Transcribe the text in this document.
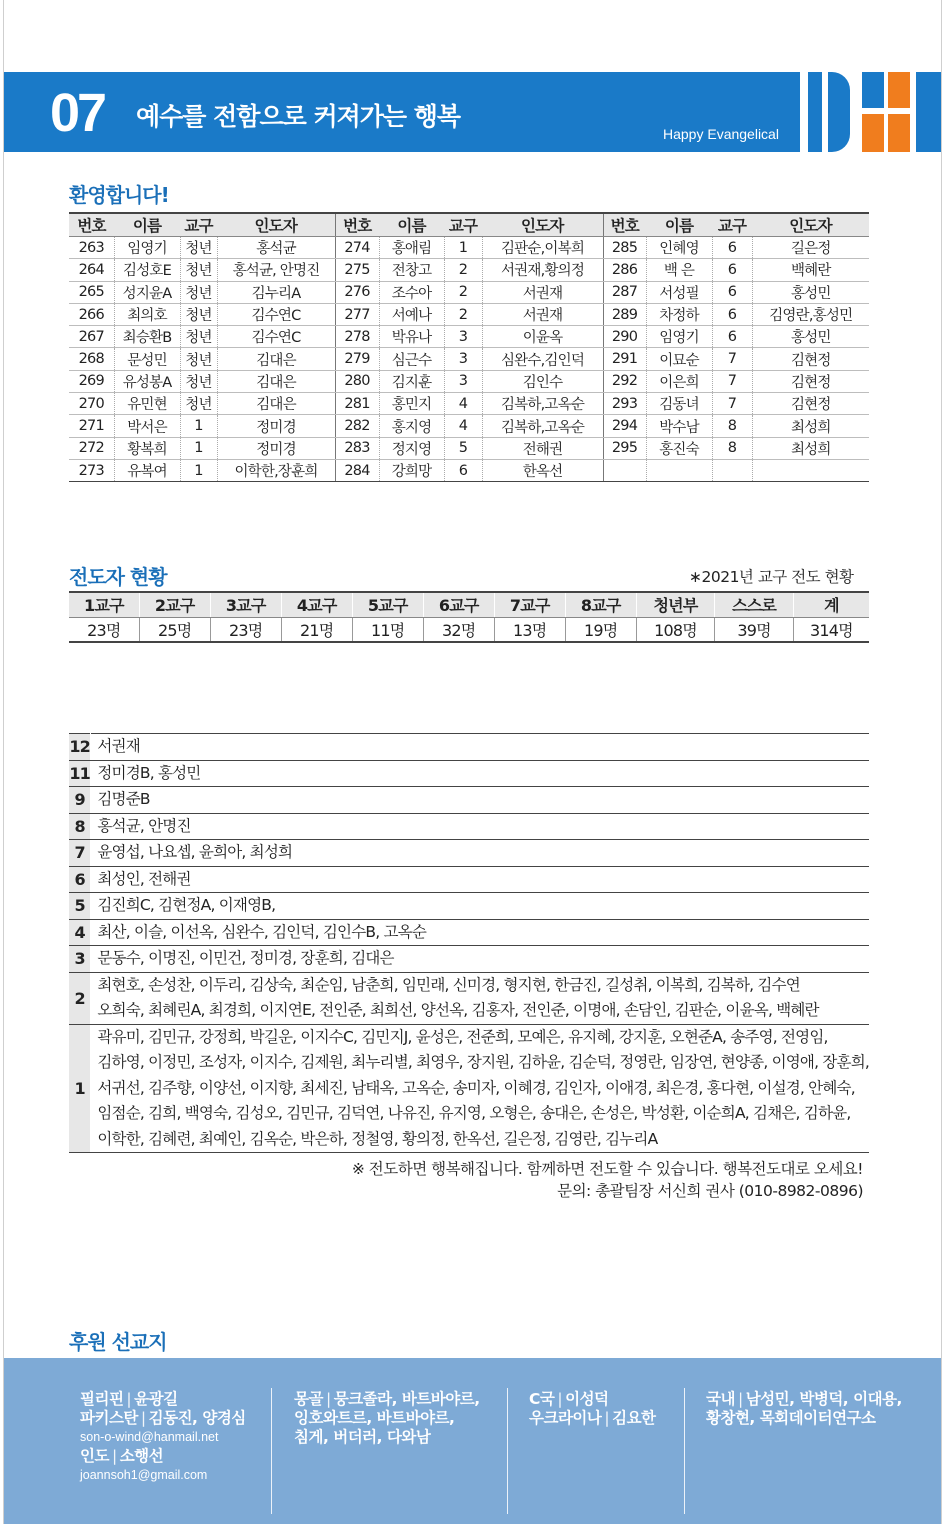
07 예수를 전함으로 커져가는 행복
Happy Evangelical
환영합니다!
번호	이름	교구	인도자	번호	이름	교구	인도자	번호	이름	교구	인도자
263	임영기	청년	홍석균	274	홍애림	1	김판순,이복희	285	인혜영	6	길은정
264	김성호E	청년	홍석균, 안명진	275	전창고	2	서권재,황의정	286	백 은	6	백혜란
265	성지윤A	청년	김누리A	276	조수아	2	서권재	287	서성필	6	홍성민
266	최의호	청년	김수연C	277	서예나	2	서권재	289	차정하	6	김영란,홍성민
267	최승환B	청년	김수연C	278	박유나	3	이윤옥	290	임영기	6	홍성민
268	문성민	청년	김대은	279	심근수	3	심완수,김인덕	291	이묘순	7	김현정
269	유성봉A	청년	김대은	280	김지훈	3	김인수	292	이은희	7	김현정
270	유민현	청년	김대은	281	홍민지	4	김복하,고옥순	293	김동녀	7	김현정
271	박서은	1	정미경	282	홍지영	4	김복하,고옥순	294	박수남	8	최성희
272	황복희	1	정미경	283	정지영	5	전해권	295	홍진숙	8	최성희
273	유복여	1	이학한,장훈희	284	강희망	6	한옥선				
전도자 현황	∗2021년 교구 전도 현황
1교구	2교구	3교구	4교구	5교구	6교구	7교구	8교구	청년부	스스로	계
23명	25명	23명	21명	11명	32명	13명	19명	108명	39명	314명
12	서권재

11	정미경B, 홍성민

9	김명준B

8	홍석균, 안명진

7	윤영섭, 나요셉, 윤희아, 최성희

6	최성인, 전해권

5	김진희C, 김현정A, 이재영B,

4	최산, 이슬, 이선옥, 심완수, 김인덕, 김인수B, 고옥순

3	문동수, 이명진, 이민건, 정미경, 장훈희, 김대은

2	최현호, 손성찬, 이두리, 김상숙, 최순임, 남춘희, 임민래, 신미경, 형지현, 한금진, 길성취, 이복희, 김복하, 김수연
오희숙, 최혜린A, 최경희, 이지연E, 전인준, 최희선, 양선옥, 김홍자, 전인준, 이명애, 손담인, 김판순, 이윤옥, 백혜란

1	곽유미, 김민규, 강정희, 박길운, 이지수C, 김민지J, 윤성은, 전준희, 모예은, 유지혜, 강지훈, 오현준A, 송주영, 전영임,
김하영, 이정민, 조성자, 이지수, 김제원, 최누리별, 최영우, 장지원, 김하윤, 김순덕, 정영란, 임장연, 현양종, 이영애, 장훈희,
서귀선, 김주향, 이양선, 이지향, 최세진, 남태옥, 고옥순, 송미자, 이혜경, 김인자, 이애경, 최은경, 홍다현, 이설경, 안혜숙,
임점순, 김희, 백영숙, 김성오, 김민규, 김덕연, 나유진, 유지영, 오형은, 송대은, 손성은, 박성환, 이순희A, 김채은, 김하윤,
이학한, 김혜련, 최예인, 김옥순, 박은하, 정철영, 황의정, 한옥선, 길은정, 김영란, 김누리A
※ 전도하면 행복해집니다. 함께하면 전도할 수 있습니다. 행복전도대로 오세요!
문의: 총괄팀장 서신희 권사 (010-8982-0896)
후원 선교지
필리핀 | 윤광길
파키스탄 | 김동진, 양경심
son-o-wind@hanmail.net
인도 | 소행선
joannsoh1@gmail.com
몽골 | 뭉크졸라, 바트바야르,
잉호와트르, 바트바야르,
침게, 버더러, 다와남
C국 | 이성덕
우크라이나 | 김요한
국내 | 남성민, 박병덕, 이대용,
황창현, 목회데이터연구소
